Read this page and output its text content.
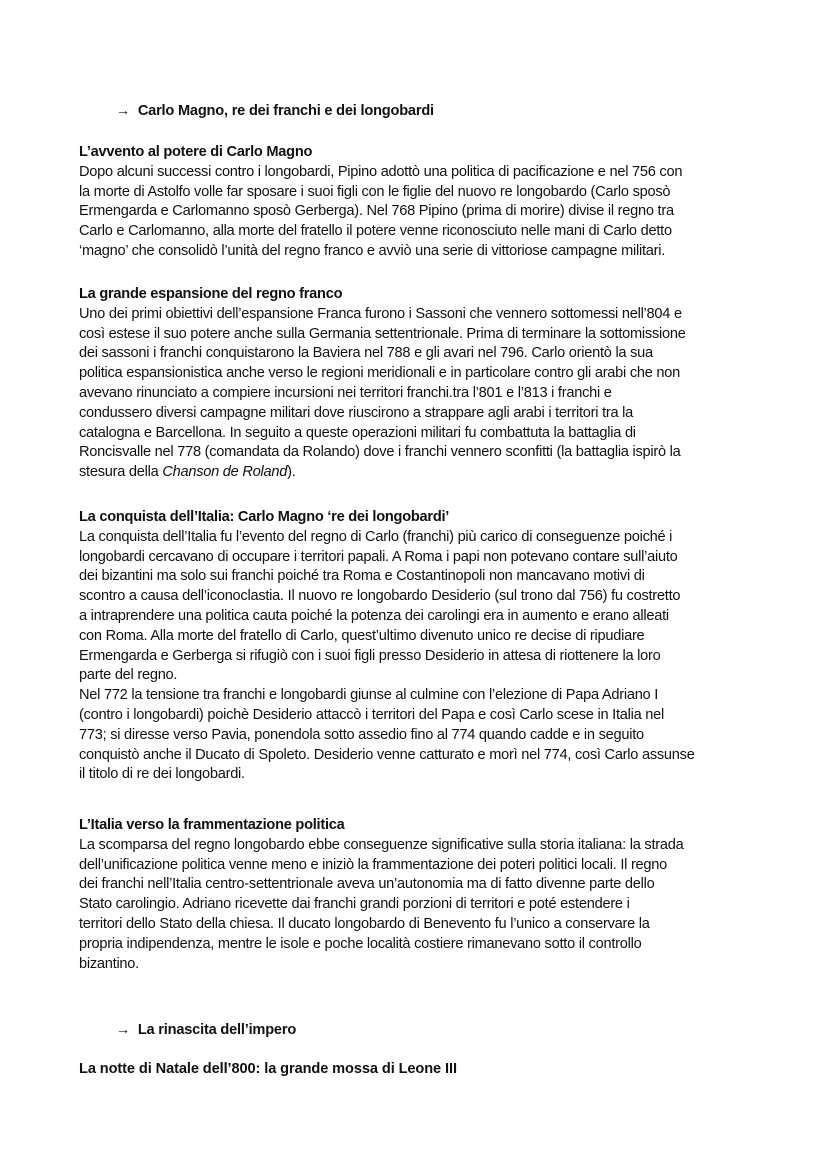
→ Carlo Magno, re dei franchi e dei longobardi

L’avvento al potere di Carlo Magno

Dopo alcuni successi contro i longobardi, Pipino adottò una politica di pacificazione e nel 756 con

la morte di Astolfo volle far sposare i suoi figli con le figlie del nuovo re longobardo (Carlo sposò

Ermengarda e Carlomanno sposò Gerberga). Nel 768 Pipino (prima di morire) divise il regno tra

Carlo e Carlomanno, alla morte del fratello il potere venne riconosciuto nelle mani di Carlo detto

‘magno’ che consolidò l’unità del regno franco e avviò una serie di vittoriose campagne militari.

La grande espansione del regno franco

Uno dei primi obiettivi dell’espansione Franca furono i Sassoni che vennero sottomessi nell’804 e

così estese il suo potere anche sulla Germania settentrionale. Prima di terminare la sottomissione

dei sassoni i franchi conquistarono la Baviera nel 788 e gli avari nel 796. Carlo orientò la sua

politica espansionistica anche verso le regioni meridionali e in particolare contro gli arabi che non

avevano rinunciato a compiere incursioni nei territori franchi.tra l’801 e l’813 i franchi e

condussero diversi campagne militari dove riuscirono a strappare agli arabi i territori tra la

catalogna e Barcellona. In seguito a queste operazioni militari fu combattuta la battaglia di

Roncisvalle nel 778 (comandata da Rolando) dove i franchi vennero sconfitti (la battaglia ispirò la

stesura della Chanson de Roland).

La conquista dell’Italia: Carlo Magno ‘re dei longobardi’

La conquista dell’Italia fu l’evento del regno di Carlo (franchi) più carico di conseguenze poiché i

longobardi cercavano di occupare i territori papali. A Roma i papi non potevano contare sull’aiuto

dei bizantini ma solo sui franchi poiché tra Roma e Costantinopoli non mancavano motivi di

scontro a causa dell’iconoclastia. Il nuovo re longobardo Desiderio (sul trono dal 756) fu costretto

a intraprendere una politica cauta poiché la potenza dei carolingi era in aumento e erano alleati

con Roma. Alla morte del fratello di Carlo, quest’ultimo divenuto unico re decise di ripudiare

Ermengarda e Gerberga si rifugiò con i suoi figli presso Desiderio in attesa di riottenere la loro

parte del regno.

Nel 772 la tensione tra franchi e longobardi giunse al culmine con l’elezione di Papa Adriano I

(contro i longobardi) poichè Desiderio attaccò i territori del Papa e così Carlo scese in Italia nel

773; si diresse verso Pavia, ponendola sotto assedio fino al 774 quando cadde e in seguito

conquistò anche il Ducato di Spoleto. Desiderio venne catturato e morì nel 774, così Carlo assunse

il titolo di re dei longobardi.

L’Italia verso la frammentazione politica

La scomparsa del regno longobardo ebbe conseguenze significative sulla storia italiana: la strada

dell’unificazione politica venne meno e iniziò la frammentazione dei poteri politici locali. Il regno

dei franchi nell’Italia centro-settentrionale aveva un’autonomia ma di fatto divenne parte dello

Stato carolingio. Adriano ricevette dai franchi grandi porzioni di territori e poté estendere i

territori dello Stato della chiesa. Il ducato longobardo di Benevento fu l’unico a conservare la

propria indipendenza, mentre le isole e poche località costiere rimanevano sotto il controllo

bizantino.

→ La rinascita dell’impero
La notte di Natale dell’800: la grande mossa di Leone III
